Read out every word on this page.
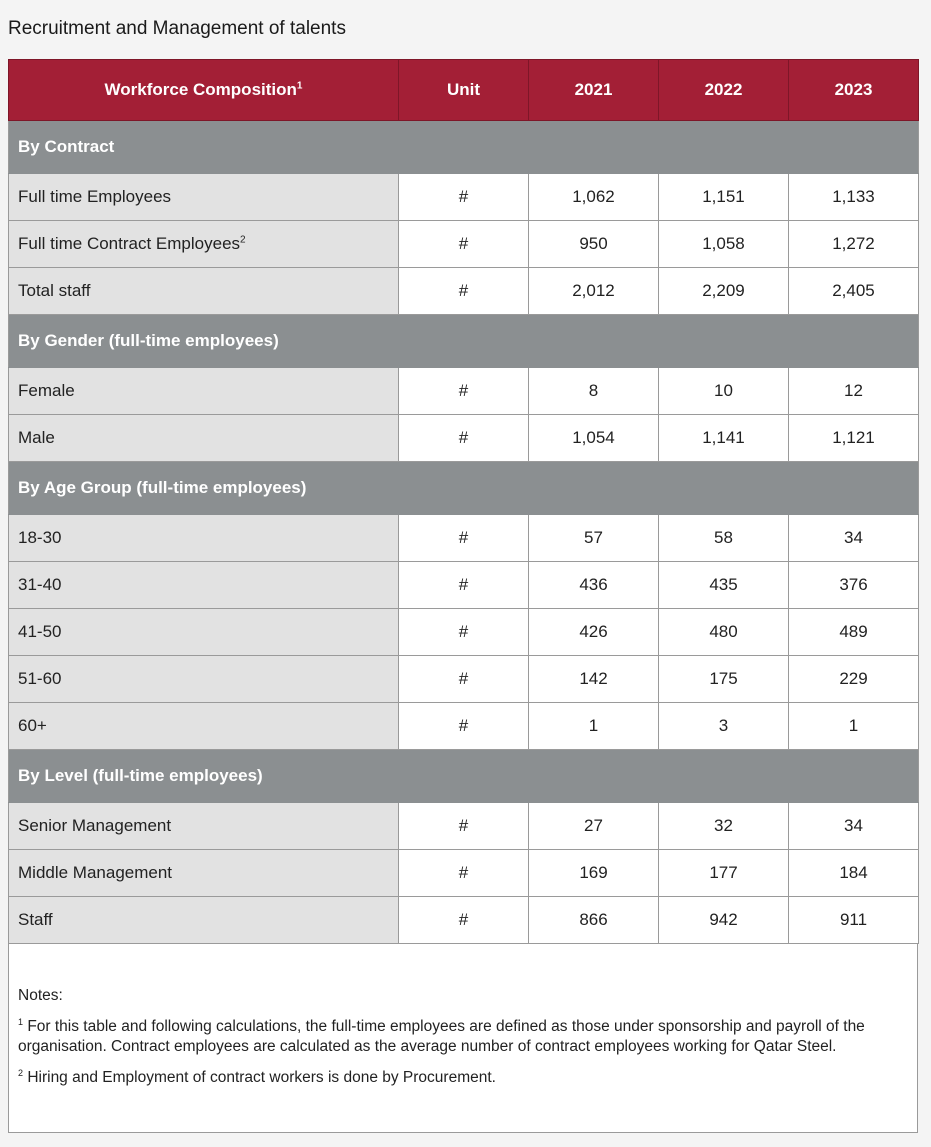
Recruitment and Management of talents
Workforce Composition$^1$	Unit	2021	2022	2023
By Contract				
Full time Employees	#	1,062	1,151	1,133
Full time Contract Employees$^2$	#	950	1,058	1,272
Total staff	#	2,012	2,209	2,405
By Gender (full-time employees)				
Female	#	8	10	12
Male	#	1,054	1,141	1,121
By Age Group (full-time employees)				
18-30	#	57	58	34
31-40	#	436	435	376
41-50	#	426	480	489
51-60	#	142	175	229
60+	#	1	3	1
By Level (full-time employees)				
Senior Management	#	27	32	34
Middle Management	#	169	177	184
Staff	#	866	942	911

Notes:

$^1$ For this table and following calculations, the full-time employees are defined as those under sponsorship and payroll of the organisation. Contract employees are calculated as the average number of contract employees working for Qatar Steel.

$^2$ Hiring and Employment of contract workers is done by Procurement.
